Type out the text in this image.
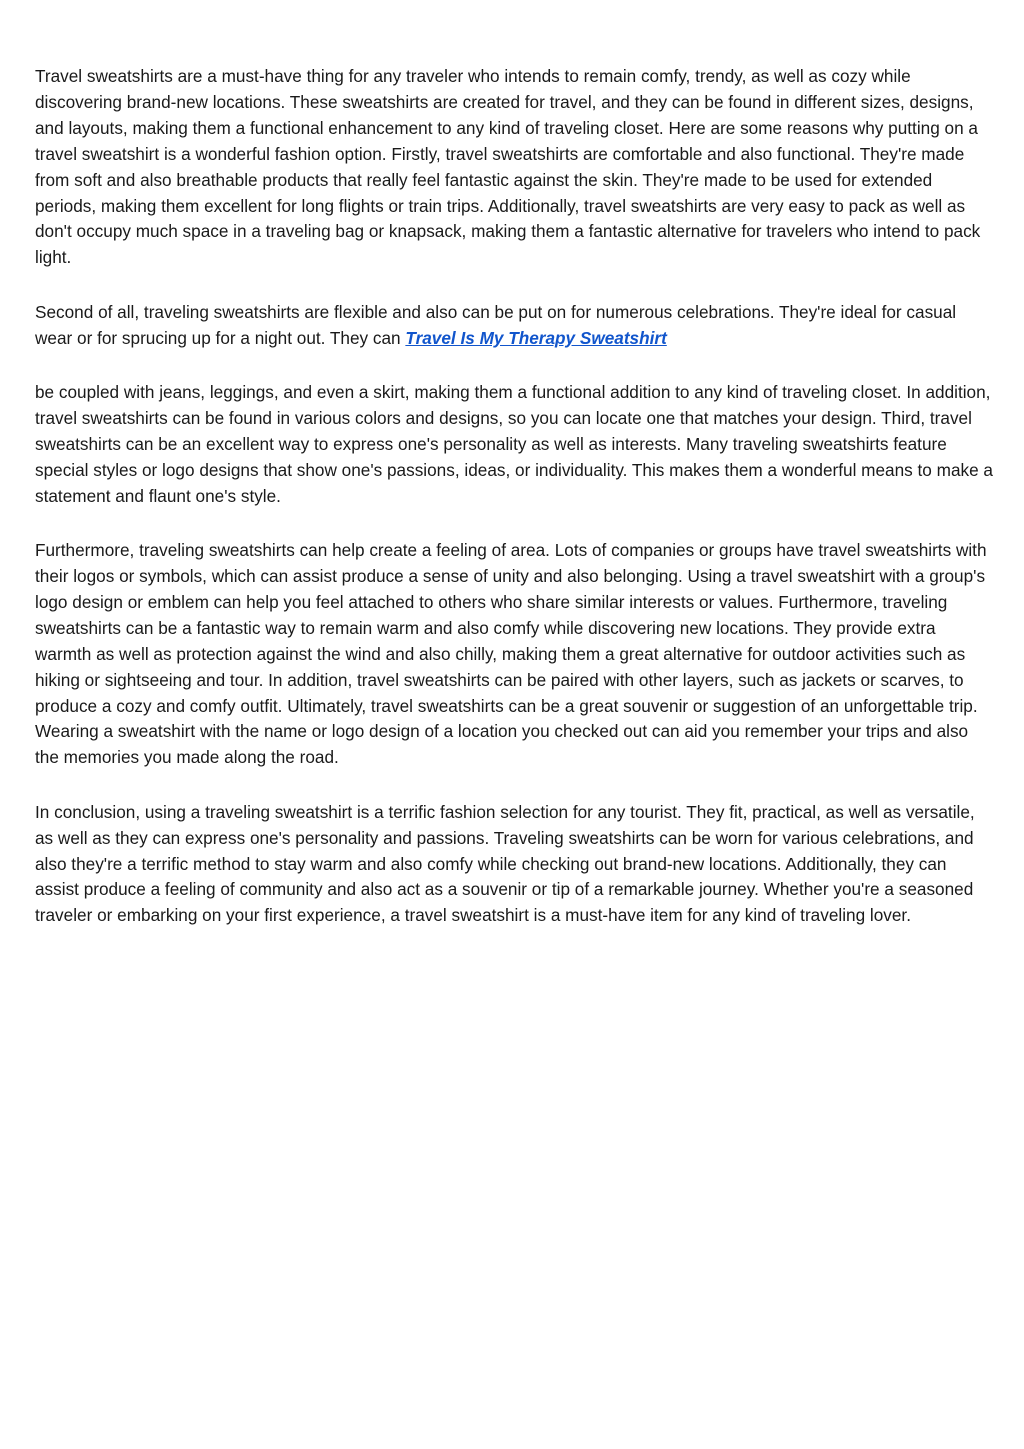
Travel sweatshirts are a must-have thing for any traveler who intends to remain comfy, trendy, as well as cozy while discovering brand-new locations. These sweatshirts are created for travel, and they can be found in different sizes, designs, and layouts, making them a functional enhancement to any kind of traveling closet. Here are some reasons why putting on a travel sweatshirt is a wonderful fashion option. Firstly, travel sweatshirts are comfortable and also functional. They're made from soft and also breathable products that really feel fantastic against the skin. They're made to be used for extended periods, making them excellent for long flights or train trips. Additionally, travel sweatshirts are very easy to pack as well as don't occupy much space in a traveling bag or knapsack, making them a fantastic alternative for travelers who intend to pack light.

Second of all, traveling sweatshirts are flexible and also can be put on for numerous celebrations. They're ideal for casual wear or for sprucing up for a night out. They can Travel Is My Therapy Sweatshirt

be coupled with jeans, leggings, and even a skirt, making them a functional addition to any kind of traveling closet. In addition, travel sweatshirts can be found in various colors and designs, so you can locate one that matches your design. Third, travel sweatshirts can be an excellent way to express one's personality as well as interests. Many traveling sweatshirts feature special styles or logo designs that show one's passions, ideas, or individuality. This makes them a wonderful means to make a statement and flaunt one's style.

Furthermore, traveling sweatshirts can help create a feeling of area. Lots of companies or groups have travel sweatshirts with their logos or symbols, which can assist produce a sense of unity and also belonging. Using a travel sweatshirt with a group's logo design or emblem can help you feel attached to others who share similar interests or values. Furthermore, traveling sweatshirts can be a fantastic way to remain warm and also comfy while discovering new locations. They provide extra warmth as well as protection against the wind and also chilly, making them a great alternative for outdoor activities such as hiking or sightseeing and tour. In addition, travel sweatshirts can be paired with other layers, such as jackets or scarves, to produce a cozy and comfy outfit. Ultimately, travel sweatshirts can be a great souvenir or suggestion of an unforgettable trip. Wearing a sweatshirt with the name or logo design of a location you checked out can aid you remember your trips and also the memories you made along the road.

In conclusion, using a traveling sweatshirt is a terrific fashion selection for any tourist. They fit, practical, as well as versatile, as well as they can express one's personality and passions. Traveling sweatshirts can be worn for various celebrations, and also they're a terrific method to stay warm and also comfy while checking out brand-new locations. Additionally, they can assist produce a feeling of community and also act as a souvenir or tip of a remarkable journey. Whether you're a seasoned traveler or embarking on your first experience, a travel sweatshirt is a must-have item for any kind of traveling lover.
